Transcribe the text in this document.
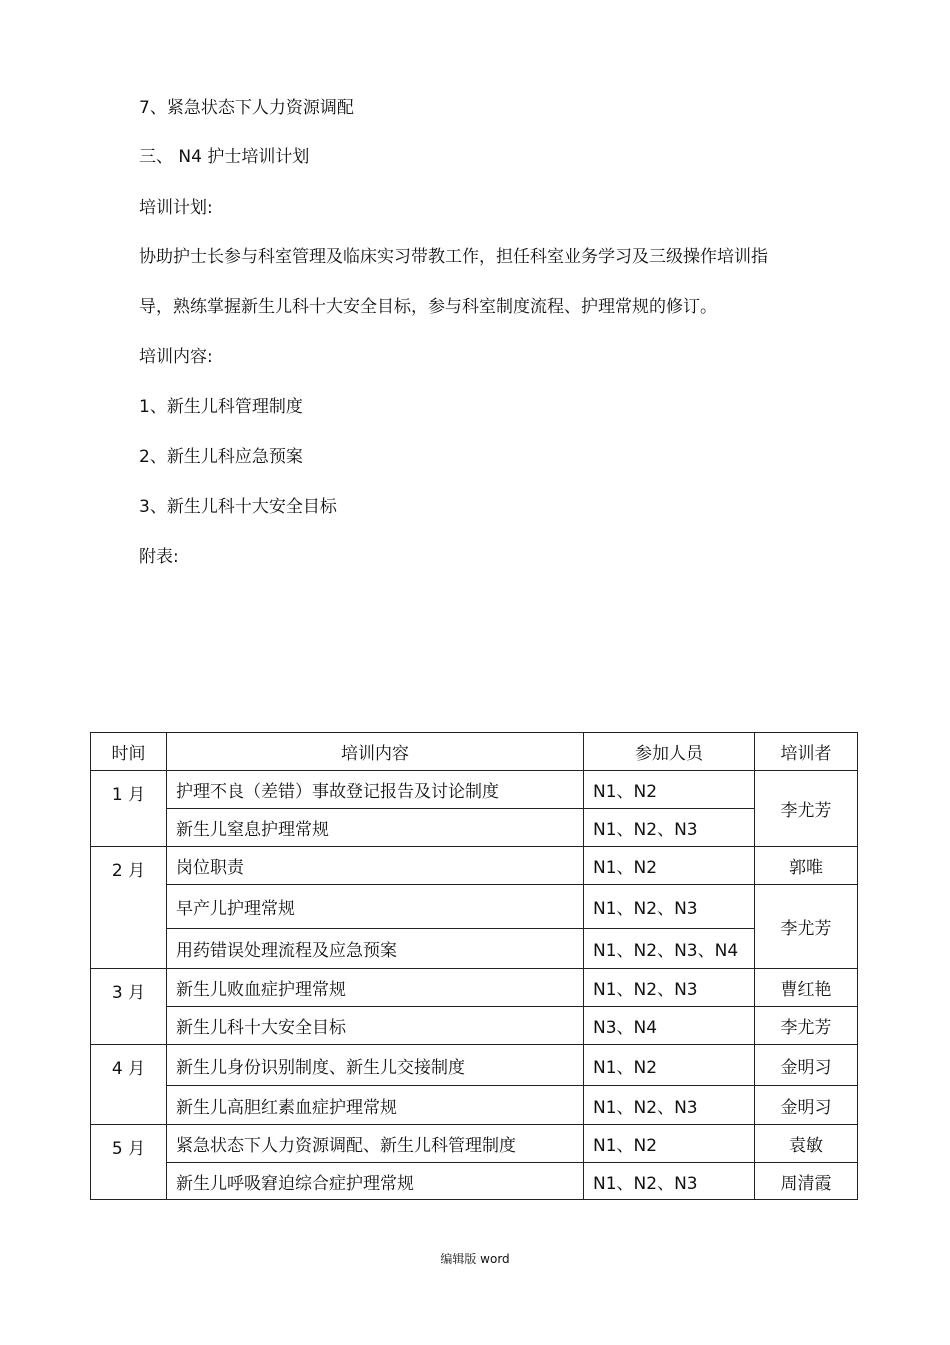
7、紧急状态下人力资源调配
三、 N4 护士培训计划
培训计划:
协助护士长参与科室管理及临床实习带教工作，担任科室业务学习及三级操作培训指
导，熟练掌握新生儿科十大安全目标，参与科室制度流程、护理常规的修订。
培训内容:
1、新生儿科管理制度
2、新生儿科应急预案
3、新生儿科十大安全目标
附表:
时间	培训内容	参加人员	培训者
1 月	护理不良（差错）事故登记报告及讨论制度	N1、N2	李尤芳
	新生儿窒息护理常规	N1、N2、N3	
2 月	岗位职责	N1、N2	郭唯
	早产儿护理常规	N1、N2、N3	李尤芳
	用药错误处理流程及应急预案	N1、N2、N3、N4	
3 月	新生儿败血症护理常规	N1、N2、N3	曹红艳
	新生儿科十大安全目标	N3、N4	李尤芳
4 月	新生儿身份识别制度、新生儿交接制度	N1、N2	金明习
	新生儿高胆红素血症护理常规	N1、N2、N3	金明习
5 月	紧急状态下人力资源调配、新生儿科管理制度	N1、N2	袁敏
	新生儿呼吸窘迫综合症护理常规	N1、N2、N3	周清霞
编辑版 word
